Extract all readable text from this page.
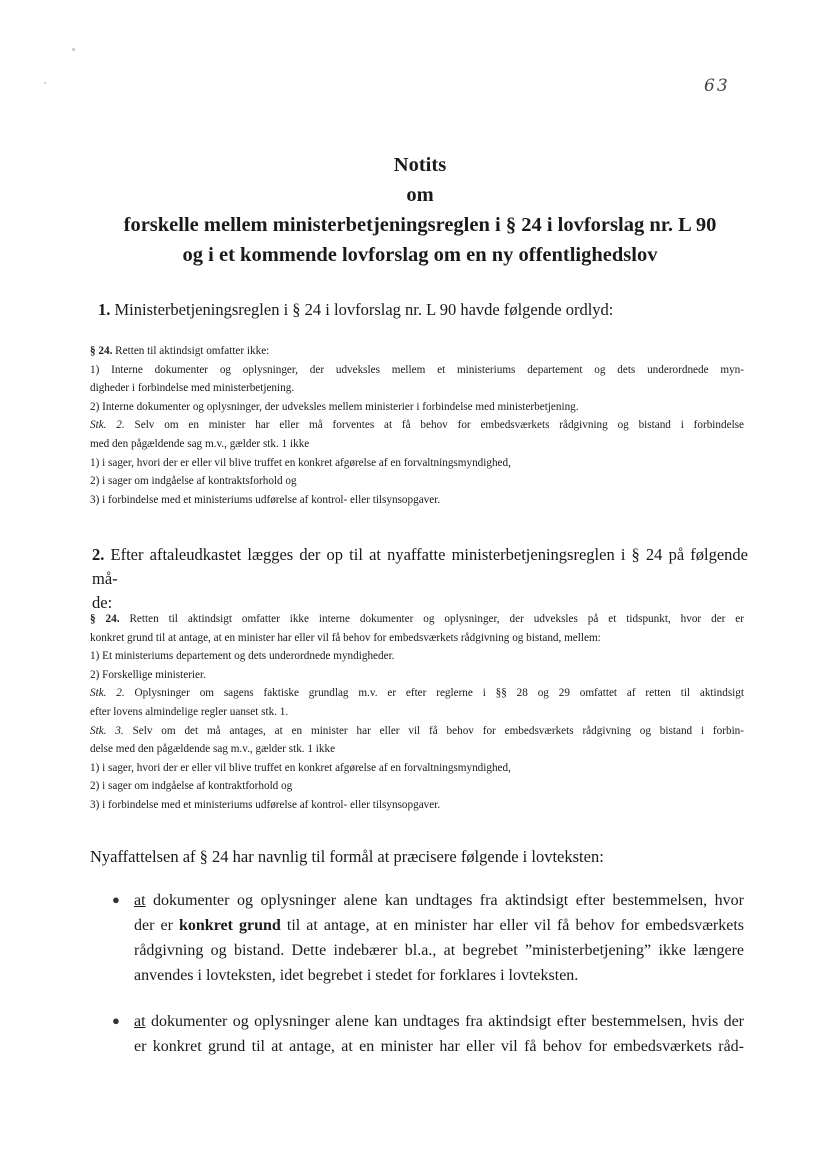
63
Notits
om
forskelle mellem ministerbetjeningsreglen i § 24 i lovforslag nr. L 90
og i et kommende lovforslag om en ny offentlighedslov
1. Ministerbetjeningsreglen i § 24 i lovforslag nr. L 90 havde følgende ordlyd:
§ 24. Retten til aktindsigt omfatter ikke:
1) Interne dokumenter og oplysninger, der udveksles mellem et ministeriums departement og dets underordnede myn-
digheder i forbindelse med ministerbetjening.
2) Interne dokumenter og oplysninger, der udveksles mellem ministerier i forbindelse med ministerbetjening.
Stk. 2. Selv om en minister har eller må forventes at få behov for embedsværkets rådgivning og bistand i forbindelse
med den pågældende sag m.v., gælder stk. 1 ikke
1) i sager, hvori der er eller vil blive truffet en konkret afgørelse af en forvaltningsmyndighed,
2) i sager om indgåelse af kontraktsforhold og
3) i forbindelse med et ministeriums udførelse af kontrol- eller tilsynsopgaver.
2. Efter aftaleudkastet lægges der op til at nyaffatte ministerbetjeningsreglen i § 24 på følgende må-
de:
§ 24. Retten til aktindsigt omfatter ikke interne dokumenter og oplysninger, der udveksles på et tidspunkt, hvor der er
konkret grund til at antage, at en minister har eller vil få behov for embedsværkets rådgivning og bistand, mellem:
1) Et ministeriums departement og dets underordnede myndigheder.
2) Forskellige ministerier.
Stk. 2. Oplysninger om sagens faktiske grundlag m.v. er efter reglerne i §§ 28 og 29 omfattet af retten til aktindsigt
efter lovens almindelige regler uanset stk. 1.
Stk. 3. Selv om det må antages, at en minister har eller vil få behov for embedsværkets rådgivning og bistand i forbin-
delse med den pågældende sag m.v., gælder stk. 1 ikke
1) i sager, hvori der er eller vil blive truffet en konkret afgørelse af en forvaltningsmyndighed,
2) i sager om indgåelse af kontraktforhold og
3) i forbindelse med et ministeriums udførelse af kontrol- eller tilsynsopgaver.
Nyaffattelsen af § 24 har navnlig til formål at præcisere følgende i lovteksten:
● at dokumenter og oplysninger alene kan undtages fra aktindsigt efter bestemmelsen, hvor
der er konkret grund til at antage, at en minister har eller vil få behov for embedsværkets
rådgivning og bistand. Dette indebærer bl.a., at begrebet ”ministerbetjening” ikke længere
anvendes i lovteksten, idet begrebet i stedet for forklares i lovteksten.
● at dokumenter og oplysninger alene kan undtages fra aktindsigt efter bestemmelsen, hvis der
er konkret grund til at antage, at en minister har eller vil få behov for embedsværkets råd-
